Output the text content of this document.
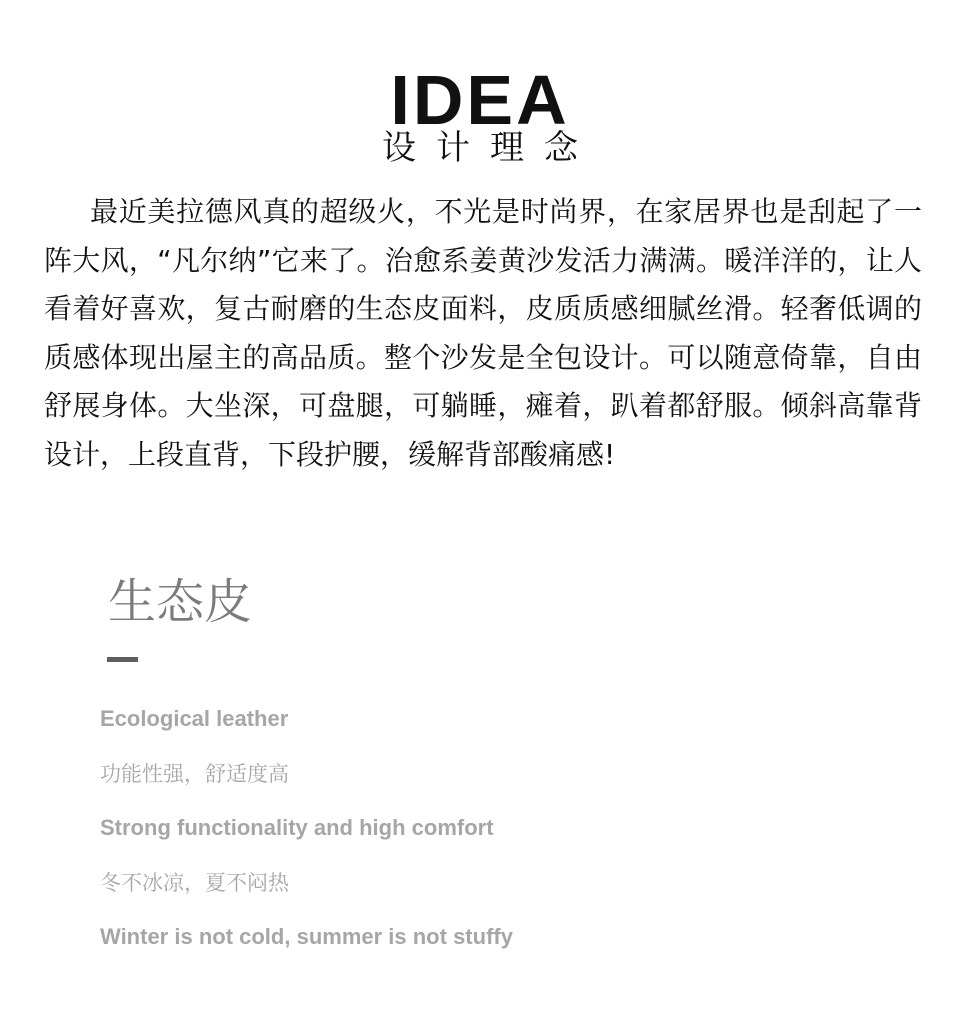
IDEA
设计理念

最近美拉德风真的超级火，不光是时尚界，在家居界也是刮起了一阵大风，“凡尔纳”它来了。治愈系姜黄沙发活力满满。暖洋洋的，让人看着好喜欢，复古耐磨的生态皮面料，皮质质感细腻丝滑。轻奢低调的质感体现出屋主的高品质。整个沙发是全包设计。可以随意倚靠，自由舒展身体。大坐深，可盘腿，可躺睡，瘫着，趴着都舒服。倾斜高靠背设计，上段直背，下段护腰，缓解背部酸痛感!

生态皮
Ecological leather
功能性强，舒适度高
Strong functionality and high comfort
冬不冰凉，夏不闷热
Winter is not cold, summer is not stuffy
